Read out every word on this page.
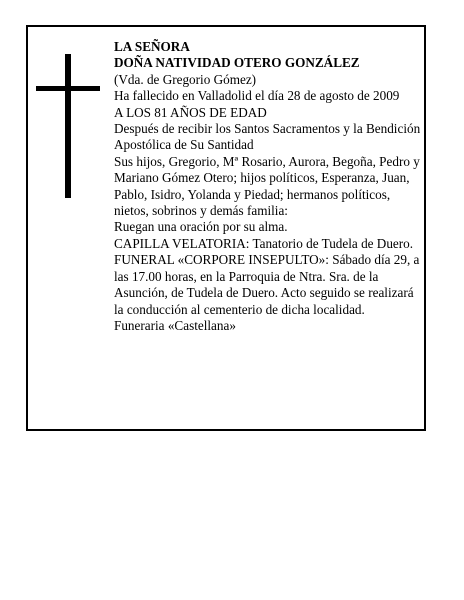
LA SEÑORA

DOÑA NATIVIDAD OTERO GONZÁLEZ

(Vda. de Gregorio Gómez)

Ha fallecido en Valladolid el día 28 de agosto de 2009

A LOS 81 AÑOS DE EDAD

Después de recibir los Santos Sacramentos y la Bendición Apostólica de Su Santidad

Sus hijos, Gregorio, Mª Rosario, Aurora, Begoña, Pedro y Mariano Gómez Otero; hijos políticos, Esperanza, Juan, Pablo, Isidro, Yolanda y Piedad; hermanos políticos, nietos, sobrinos y demás familia:

Ruegan una oración por su alma.

CAPILLA VELATORIA: Tanatorio de Tudela de Duero.

FUNERAL «CORPORE INSEPULTO»: Sábado día 29, a las 17.00 horas, en la Parroquia de Ntra. Sra. de la Asunción, de Tudela de Duero. Acto seguido se realizará la conducción al cementerio de dicha localidad.

Funeraria «Castellana»
